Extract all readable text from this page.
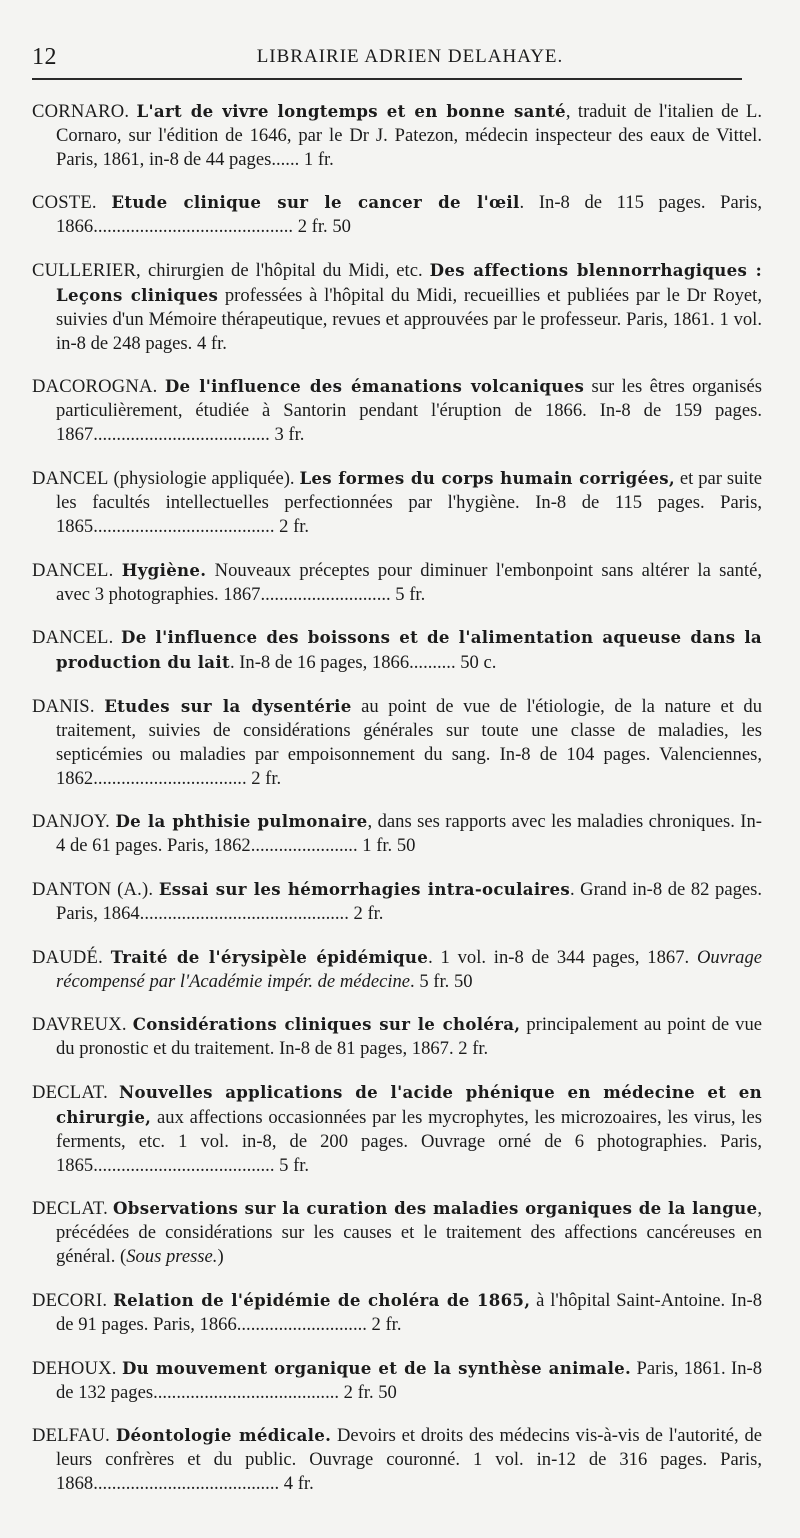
12	LIBRAIRIE ADRIEN DELAHAYE.

CORNARO. L'art de vivre longtemps et en bonne santé, traduit de l'italien de L. Cornaro, sur l'édition de 1646, par le Dr J. Patezon, médecin inspecteur des eaux de Vittel. Paris, 1861, in-8 de 44 pages...... 1 fr.

COSTE. Etude clinique sur le cancer de l'œil. In-8 de 115 pages. Paris, 1866........................................... 2 fr. 50

CULLERIER, chirurgien de l'hôpital du Midi, etc. Des affections blennorrhagiques : Leçons cliniques professées à l'hôpital du Midi, recueillies et publiées par le Dr Royet, suivies d'un Mémoire thérapeutique, revues et approuvées par le professeur. Paris, 1861. 1 vol. in-8 de 248 pages. 4 fr.

DACOROGNA. De l'influence des émanations volcaniques sur les êtres organisés particulièrement, étudiée à Santorin pendant l'éruption de 1866. In-8 de 159 pages. 1867...................................... 3 fr.

DANCEL (physiologie appliquée). Les formes du corps humain corrigées, et par suite les facultés intellectuelles perfectionnées par l'hygiène. In-8 de 115 pages. Paris, 1865....................................... 2 fr.

DANCEL. Hygiène. Nouveaux préceptes pour diminuer l'embonpoint sans altérer la santé, avec 3 photographies. 1867............................ 5 fr.

DANCEL. De l'influence des boissons et de l'alimentation aqueuse dans la production du lait. In-8 de 16 pages, 1866.......... 50 c.

DANIS. Etudes sur la dysentérie au point de vue de l'étiologie, de la nature et du traitement, suivies de considérations générales sur toute une classe de maladies, les septicémies ou maladies par empoisonnement du sang. In-8 de 104 pages. Valenciennes, 1862................................. 2 fr.

DANJOY. De la phthisie pulmonaire, dans ses rapports avec les maladies chroniques. In-4 de 61 pages. Paris, 1862....................... 1 fr. 50

DANTON (A.). Essai sur les hémorrhagies intra-oculaires. Grand in-8 de 82 pages. Paris, 1864............................................. 2 fr.

DAUDÉ. Traité de l'érysipèle épidémique. 1 vol. in-8 de 344 pages, 1867. Ouvrage récompensé par l'Académie impér. de médecine. 5 fr. 50

DAVREUX. Considérations cliniques sur le choléra, principalement au point de vue du pronostic et du traitement. In-8 de 81 pages, 1867. 2 fr.

DECLAT. Nouvelles applications de l'acide phénique en médecine et en chirurgie, aux affections occasionnées par les mycrophytes, les microzoaires, les virus, les ferments, etc. 1 vol. in-8, de 200 pages. Ouvrage orné de 6 photographies. Paris, 1865....................................... 5 fr.

DECLAT. Observations sur la curation des maladies organiques de la langue, précédées de considérations sur les causes et le traitement des affections cancéreuses en général. (Sous presse.)

DECORI. Relation de l'épidémie de choléra de 1865, à l'hôpital Saint-Antoine. In-8 de 91 pages. Paris, 1866............................ 2 fr.

DEHOUX. Du mouvement organique et de la synthèse animale. Paris, 1861. In-8 de 132 pages........................................ 2 fr. 50

DELFAU. Déontologie médicale. Devoirs et droits des médecins vis-à-vis de l'autorité, de leurs confrères et du public. Ouvrage couronné. 1 vol. in-12 de 316 pages. Paris, 1868........................................ 4 fr.
